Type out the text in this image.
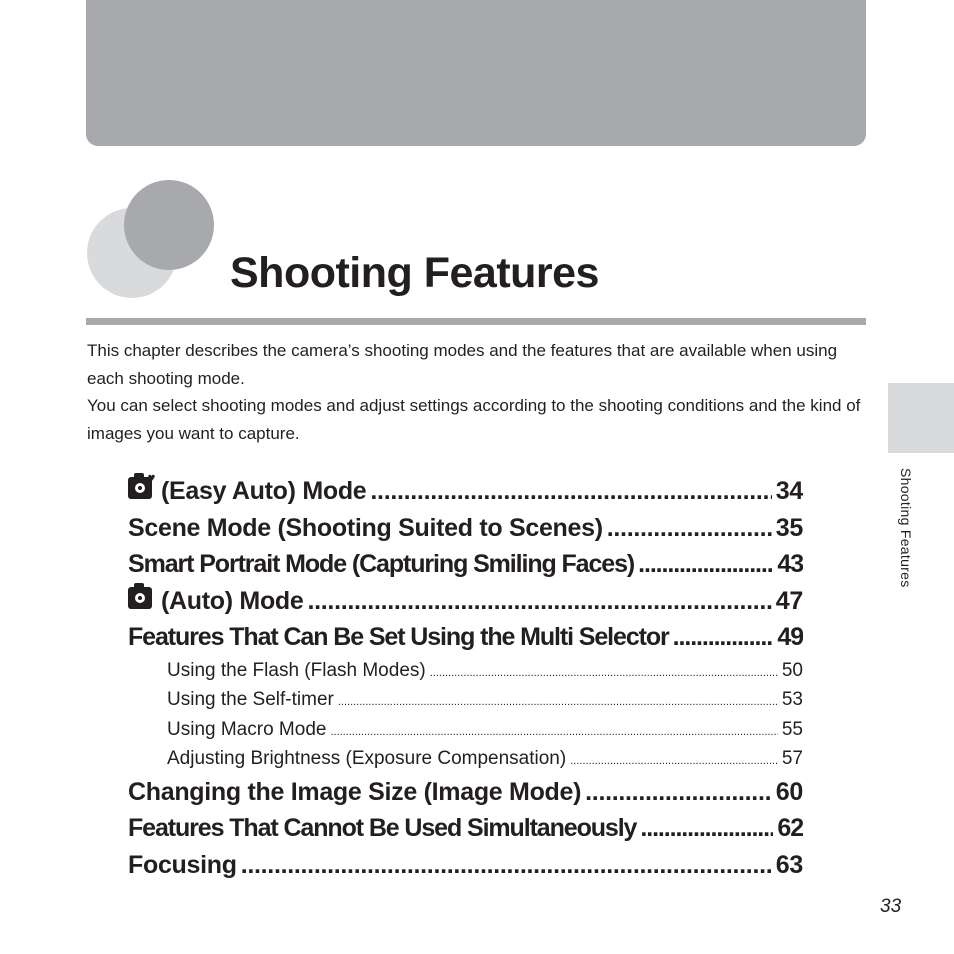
Shooting Features

This chapter describes the camera’s shooting modes and the features that are available when using each shooting mode.

You can select shooting modes and adjust settings according to the shooting conditions and the kind of images you want to capture.

Shooting Features
♥ (Easy Auto) Mode .....	34
Scene Mode (Shooting Suited to Scenes) .....	35
Smart Portrait Mode (Capturing Smiling Faces) .....	43
(Auto) Mode .....	47
Features That Can Be Set Using the Multi Selector .....	49
Using the Flash (Flash Modes) .....	50
Using the Self-timer .....	53
Using Macro Mode .....	55
Adjusting Brightness (Exposure Compensation) .....	57
Changing the Image Size (Image Mode) .....	60
Features That Cannot Be Used Simultaneously .....	62
Focusing .....	63
33
